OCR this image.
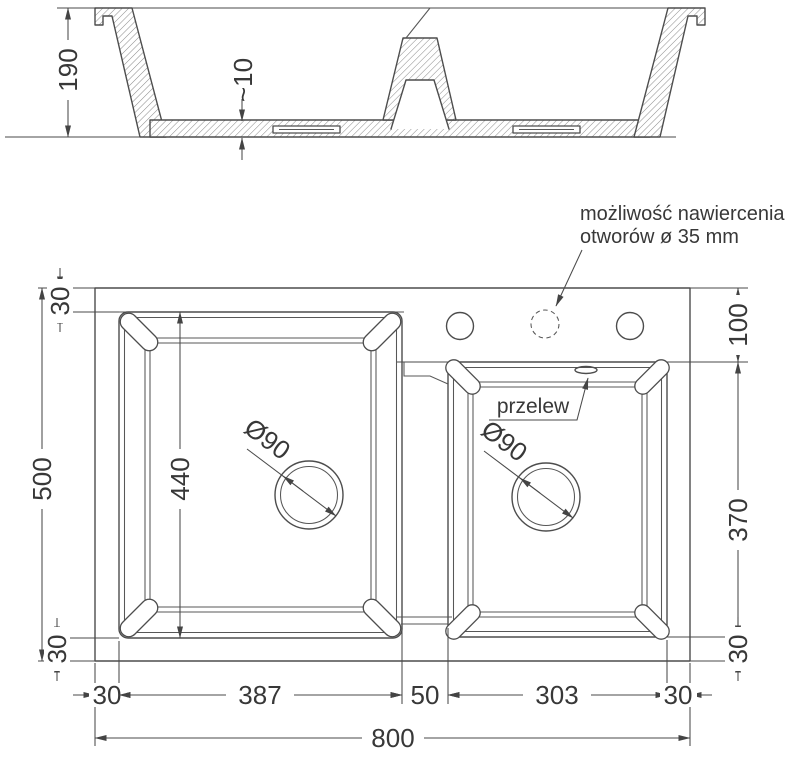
190	~10
możliwość nawiercenia
otworów ø 35 mm
Ø90	Ø90
przelew
30
500	440
30
100
370
30
30	387	50	303	30
800
